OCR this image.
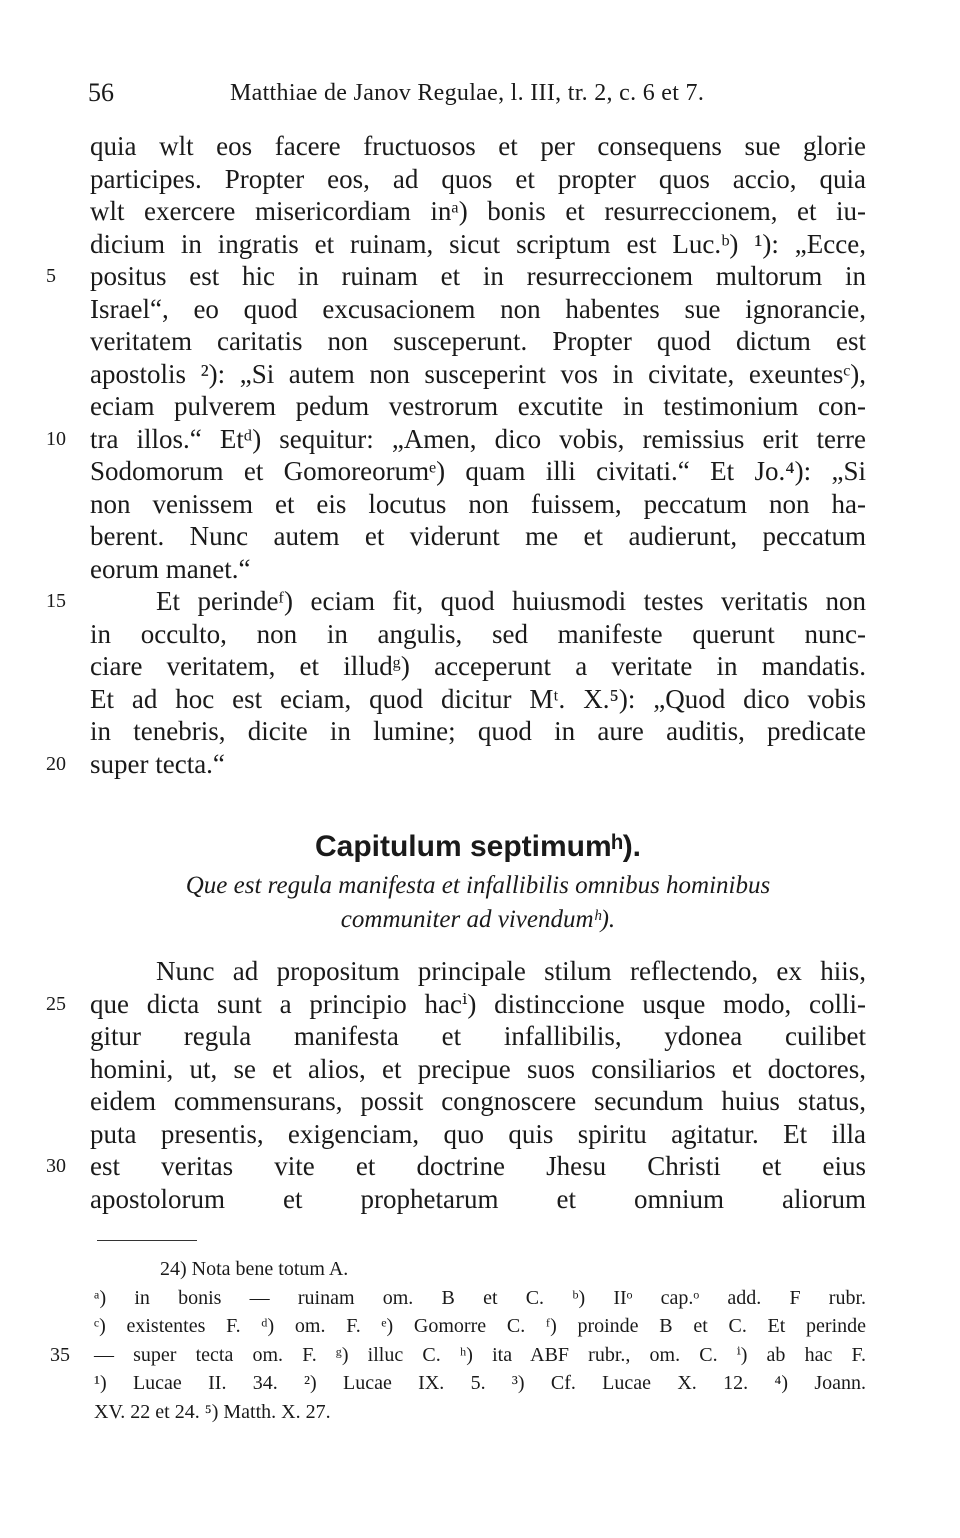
56	Matthiae de Janov Regulae, l. III, tr. 2, c. 6 et 7.
quia wlt eos facere fructuosos et per consequens sue glorie
participes. Propter eos, ad quos et propter quos accio, quia
wlt exercere misericordiam inᵃ) bonis et resurreccionem, et iu-
dicium in ingratis et ruinam, sicut scriptum est Luc.ᵇ) ¹): „Ecce,
5	positus est hic in ruinam et in resurreccionem multorum in
Israel“, eo quod excusacionem non habentes sue ignorancie,
veritatem caritatis non susceperunt. Propter quod dictum est
apostolis ²): „Si autem non susceperint vos in civitate, exeuntesᶜ),
eciam pulverem pedum vestrorum excutite in testimonium con-
10 tra illos.“ Etᵈ) sequitur: „Amen, dico vobis, remissius erit terre
Sodomorum et Gomoreorumᵉ) quam illi civitati.“ Et Jo.⁴): „Si
non venissem et eis locutus non fuissem, peccatum non ha-
berent. Nunc autem et viderunt me et audierunt, peccatum
eorum manet.“
15	Et perindeᶠ) eciam fit, quod huiusmodi testes veritatis non
in occulto, non in angulis, sed manifeste querunt nunc-
ciare veritatem, et illudᵍ) acceperunt a veritate in mandatis.
Et ad hoc est eciam, quod dicitur Mᵗ. X.⁵): „Quod dico vobis
in tenebris, dicite in lumine; quod in aure auditis, predicate
20 super tecta.“
Capitulum septimumʰ).
Que est regula manifesta et infallibilis omnibus hominibus
communiter ad vivendumʰ).
Nunc ad propositum principale stilum reflectendo, ex hiis,
25 que dicta sunt a principio hacⁱ) distinccione usque modo, colli-
gitur regula manifesta et infallibilis, ydonea cuilibet
homini, ut, se et alios, et precipue suos consiliarios et doctores,
eidem commensurans, possit congnoscere secundum huius status,
puta presentis, exigenciam, quo quis spiritu agitatur. Et illa
30 est veritas vite et doctrine Jhesu Christi et eius
apostolorum et prophetarum et omnium aliorum
24) Nota bene totum A.
ᵃ) in bonis — ruinam om. B et C. ᵇ) IIᵒ cap.ᵒ add. F rubr.
ᶜ) existentes F. ᵈ) om. F. ᵉ) Gomorre C. ᶠ) proinde B et C. Et perinde
35	— super tecta om. F. ᵍ) illuc C. ʰ) ita ABF rubr., om. C. ⁱ) ab hac F.
¹) Lucae II. 34. ²) Lucae IX. 5. ³) Cf. Lucae X. 12. ⁴) Joann.
XV. 22 et 24. ⁵) Matth. X. 27.
